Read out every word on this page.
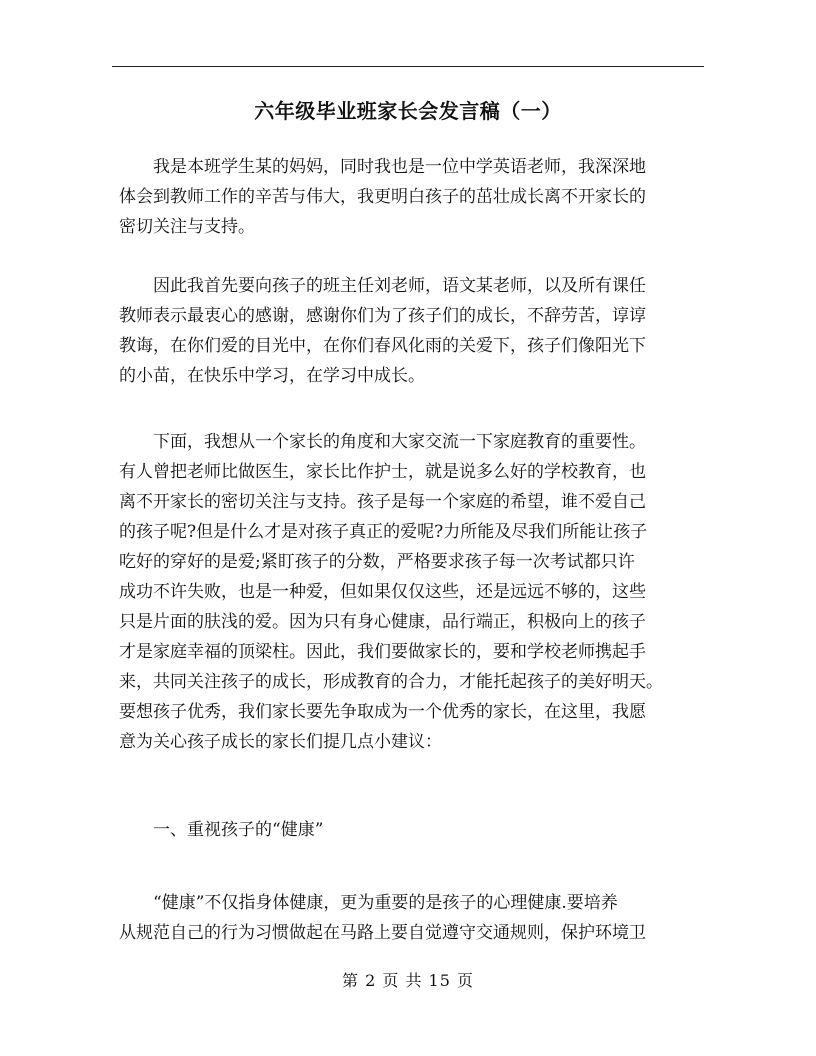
六年级毕业班家长会发言稿（一）
　　我是本班学生某的妈妈，同时我也是一位中学英语老师，我深深地
体会到教师工作的辛苦与伟大，我更明白孩子的茁壮成长离不开家长的
密切关注与支持。
　　因此我首先要向孩子的班主任刘老师，语文某老师，以及所有课任
教师表示最衷心的感谢，感谢你们为了孩子们的成长，不辞劳苦，谆谆
教诲，在你们爱的目光中，在你们春风化雨的关爱下，孩子们像阳光下
的小苗，在快乐中学习，在学习中成长。
　　下面，我想从一个家长的角度和大家交流一下家庭教育的重要性。
有人曾把老师比做医生，家长比作护士，就是说多么好的学校教育，也
离不开家长的密切关注与支持。孩子是每一个家庭的希望，谁不爱自己
的孩子呢?但是什么才是对孩子真正的爱呢?力所能及尽我们所能让孩子
吃好的穿好的是爱;紧盯孩子的分数，严格要求孩子每一次考试都只许
成功不许失败，也是一种爱，但如果仅仅这些，还是远远不够的，这些
只是片面的肤浅的爱。因为只有身心健康，品行端正，积极向上的孩子
才是家庭幸福的顶梁柱。因此，我们要做家长的，要和学校老师携起手
来，共同关注孩子的成长，形成教育的合力，才能托起孩子的美好明天。
要想孩子优秀，我们家长要先争取成为一个优秀的家长，在这里，我愿
意为关心孩子成长的家长们提几点小建议：
　　一、重视孩子的“健康”
　　“健康”不仅指身体健康，更为重要的是孩子的心理健康.要培养
从规范自己的行为习惯做起在马路上要自觉遵守交通规则，保护环境卫
第 2 页 共 15 页
